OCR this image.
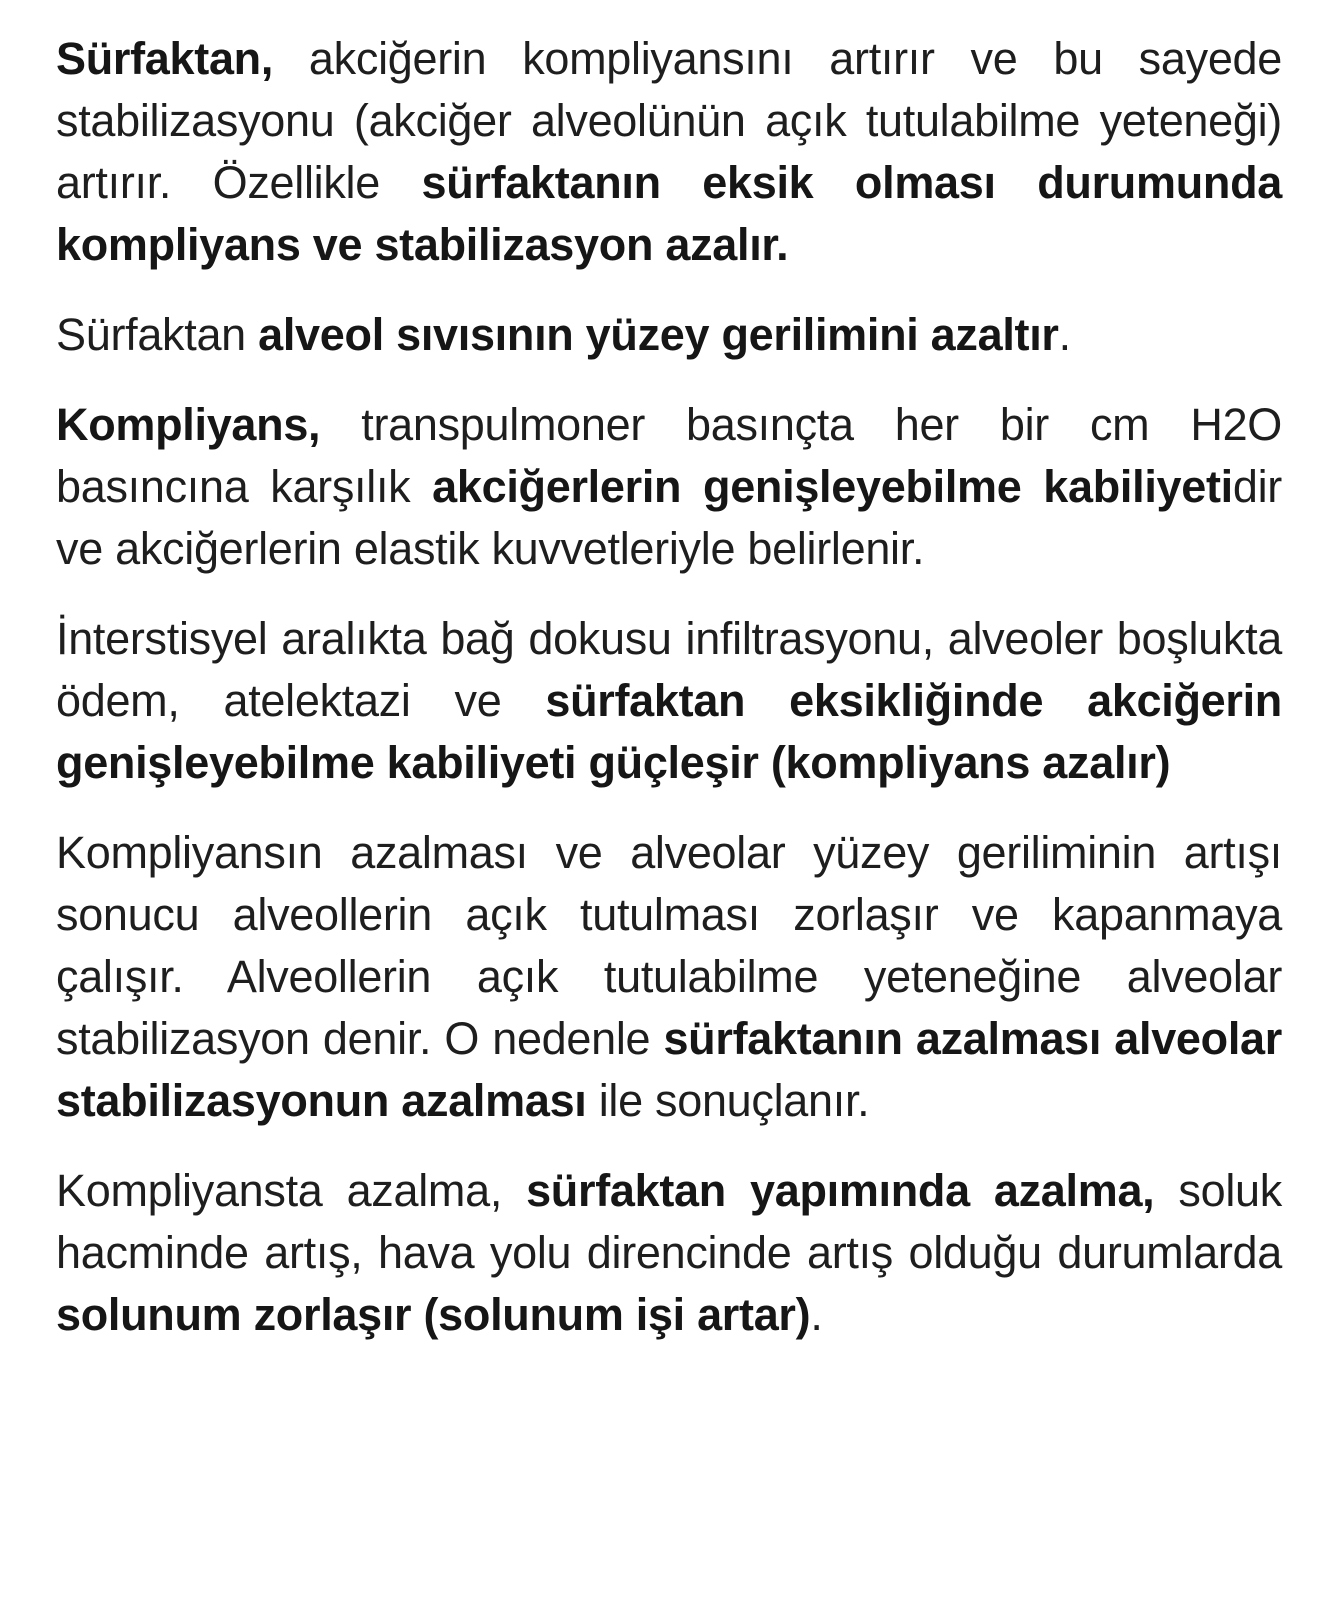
Sürfaktan, akciğerin kompliyansını artırır ve bu sayede stabilizasyonu (akciğer alveolünün açık tutulabilme yeteneği) artırır. Özellikle sürfaktanın eksik olması durumunda kompliyans ve stabilizasyon azalır.

Sürfaktan alveol sıvısının yüzey gerilimini azaltır.

Kompliyans, transpulmoner basınçta her bir cm H2O basıncına karşılık akciğerlerin genişleyebilme kabiliyetidir ve akciğerlerin elastik kuvvetleriyle belirlenir.

İnterstisyel aralıkta bağ dokusu infiltrasyonu, alveoler boşlukta ödem, atelektazi ve sürfaktan eksikliğinde akciğerin genişleyebilme kabiliyeti güçleşir (kompliyans azalır)

Kompliyansın azalması ve alveolar yüzey geriliminin artışı sonucu alveollerin açık tutulması zorlaşır ve kapanmaya çalışır. Alveollerin açık tutulabilme yeteneğine alveolar stabilizasyon denir. O nedenle sürfaktanın azalması alveolar stabilizasyonun azalması ile sonuçlanır.

Kompliyansta azalma, sürfaktan yapımında azalma, soluk hacminde artış, hava yolu direncinde artış olduğu durumlarda solunum zorlaşır (solunum işi artar).
